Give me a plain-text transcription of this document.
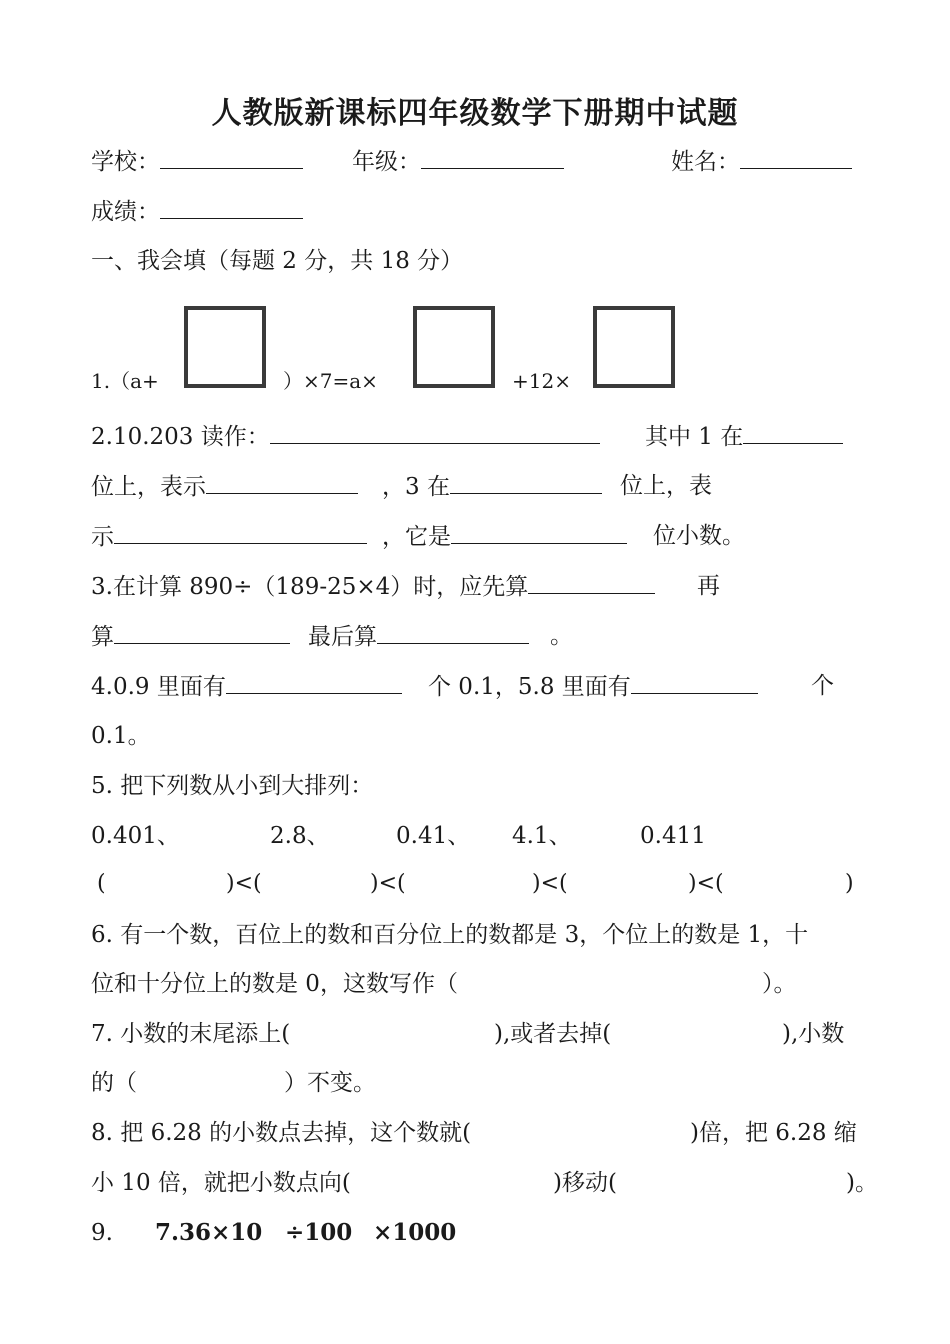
人教版新课标四年级数学下册期中试题
学校：	年级：	姓名：
成绩：
一、我会填（每题 2 分，共 18 分）
1.（a+	）×7=a×	+12×
2.10.203 读作：	其中 1 在
位上，表示	，3 在	位上，表
示	，它是	位小数。
3.在计算 890÷（189-25×4）时，应先算	再
算	最后算	。
4.0.9 里面有	个 0.1，5.8 里面有	个
0.1。
5. 把下列数从小到大排列：
0.401、	2.8、	0.41、 4.1、	0.411
(	)<(	)<(	)<(	)<(	)
6. 有一个数，百位上的数和百分位上的数都是 3，个位上的数是 1，十
位和十分位上的数是 0，这数写作（	）。
7. 小数的末尾添上(	),或者去掉(	),小数
的（	）不变。
8. 把 6.28 的小数点去掉，这个数就(	)倍，把 6.28 缩
小 10 倍，就把小数点向(	)移动(	)。
9. 7.36×10 ÷100 ×1000
